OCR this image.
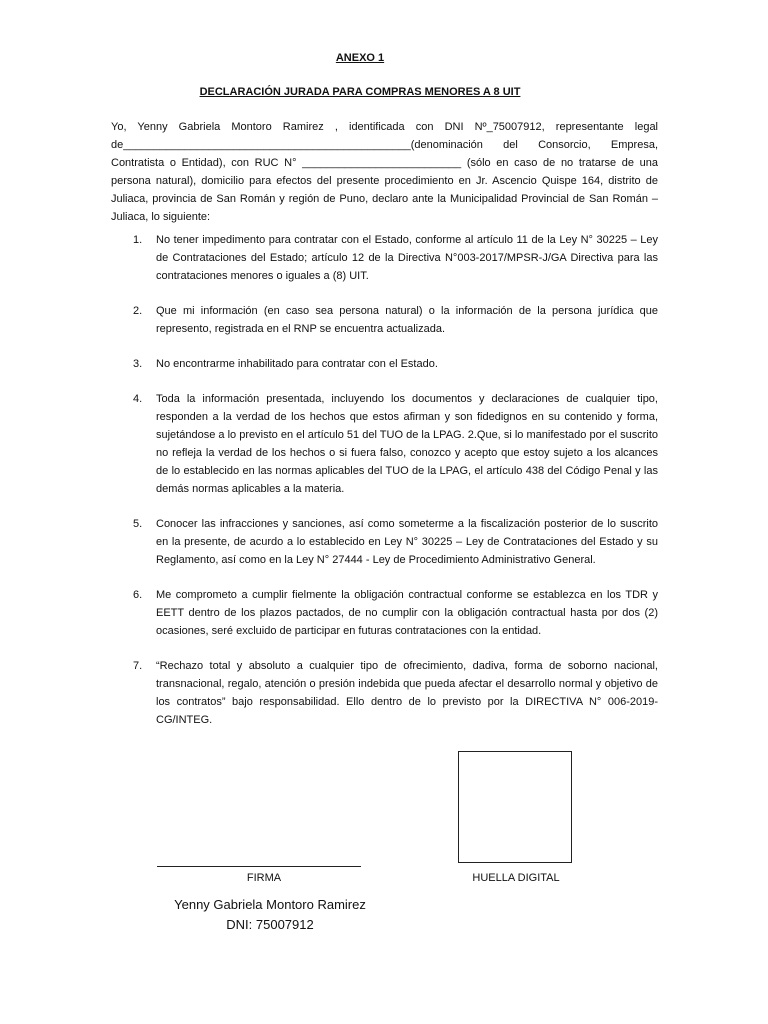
ANEXO 1

DECLARACIÓN JURADA PARA COMPRAS MENORES A 8 UIT

Yo, Yenny Gabriela Montoro Ramirez , identificada con DNI Nº_75007912, representante legal de_______________________________________________(denominación del Consorcio, Empresa, Contratista o Entidad), con RUC N° __________________________ (sólo en caso de no tratarse de una persona natural), domicilio para efectos del presente procedimiento en Jr. Ascencio Quispe 164, distrito de Juliaca, provincia de San Román y región de Puno, declaro ante la Municipalidad Provincial de San Román – Juliaca, lo siguiente:

1. No tener impedimento para contratar con el Estado, conforme al artículo 11 de la Ley N° 30225 – Ley de Contrataciones del Estado; artículo 12 de la Directiva N°003-2017/MPSR-J/GA Directiva para las contrataciones menores o iguales a (8) UIT.
2. Que mi información (en caso sea persona natural) o la información de la persona jurídica que represento, registrada en el RNP se encuentra actualizada.
3. No encontrarme inhabilitado para contratar con el Estado.
4. Toda la información presentada, incluyendo los documentos y declaraciones de cualquier tipo, responden a la verdad de los hechos que estos afirman y son fidedignos en su contenido y forma, sujetándose a lo previsto en el artículo 51 del TUO de la LPAG. 2.Que, si lo manifestado por el suscrito no refleja la verdad de los hechos o si fuera falso, conozco y acepto que estoy sujeto a los alcances de lo establecido en las normas aplicables del TUO de la LPAG, el artículo 438 del Código Penal y las demás normas aplicables a la materia.
5. Conocer las infracciones y sanciones, así como someterme a la fiscalización posterior de lo suscrito en la presente, de acurdo a lo establecido en Ley N° 30225 – Ley de Contrataciones del Estado y su Reglamento, así como en la Ley N° 27444 - Ley de Procedimiento Administrativo General.
6. Me comprometo a cumplir fielmente la obligación contractual conforme se establezca en los TDR y EETT dentro de los plazos pactados, de no cumplir con la obligación contractual hasta por dos (2) ocasiones, seré excluido de participar en futuras contrataciones con la entidad.
7. “Rechazo total y absoluto a cualquier tipo de ofrecimiento, dadiva, forma de soborno nacional, transnacional, regalo, atención o presión indebida que pueda afectar el desarrollo normal y objetivo de los contratos” bajo responsabilidad. Ello dentro de lo previsto por la DIRECTIVA N° 006-2019-CG/INTEG.
FIRMA	HUELLA DIGITAL
Yenny Gabriela Montoro Ramirez
DNI: 75007912
